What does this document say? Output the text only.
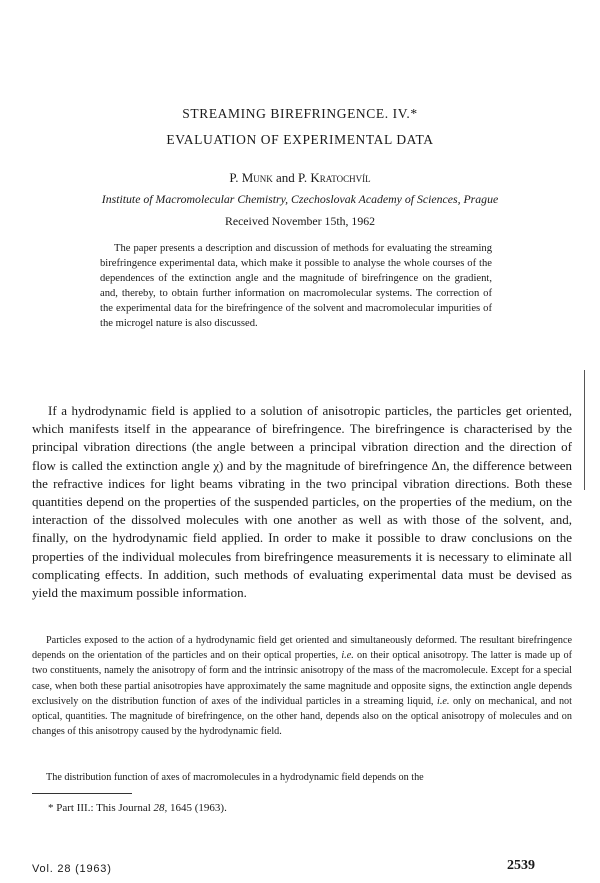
STREAMING BIREFRINGENCE. IV.*
EVALUATION OF EXPERIMENTAL DATA
P. Munk and P. Kratochvíl
Institute of Macromolecular Chemistry, Czechoslovak Academy of Sciences, Prague
Received November 15th, 1962
The paper presents a description and discussion of methods for evaluating the streaming birefringence experimental data, which make it possible to analyse the whole courses of the dependences of the extinction angle and the magnitude of birefringence on the gradient, and, thereby, to obtain further information on macromolecular systems. The correction of the experimental data for the birefringence of the solvent and macromolecular impurities of the microgel nature is also discussed.
If a hydrodynamic field is applied to a solution of anisotropic particles, the particles get oriented, which manifests itself in the appearance of birefringence. The birefringence is characterised by the principal vibration directions (the angle between a principal vibration direction and the direction of flow is called the extinction angle χ) and by the magnitude of birefringence Δn, the difference between the refractive indices for light beams vibrating in the two principal vibration directions. Both these quantities depend on the properties of the suspended particles, on the properties of the medium, on the interaction of the dissolved molecules with one another as well as with those of the solvent, and, finally, on the hydrodynamic field applied. In order to make it possible to draw conclusions on the properties of the individual molecules from birefringence measurements it is necessary to eliminate all complicating effects. In addition, such methods of evaluating experimental data must be devised as yield the maximum possible information.
Particles exposed to the action of a hydrodynamic field get oriented and simultaneously deformed. The resultant birefringence depends on the orientation of the particles and on their optical properties, i.e. on their optical anisotropy. The latter is made up of two constituents, namely the anisotropy of form and the intrinsic anisotropy of the mass of the macromolecule. Except for a special case, when both these partial anisotropies have approximately the same magnitude and opposite signs, the extinction angle depends exclusively on the distribution function of axes of the individual particles in a streaming liquid, i.e. only on mechanical, and not optical, quantities. The magnitude of birefringence, on the other hand, depends also on the optical anisotropy of molecules and on changes of this anisotropy caused by the hydrodynamic field.
The distribution function of axes of macromolecules in a hydrodynamic field depends on the
* Part III.: This Journal 28, 1645 (1963).
Vol. 28 (1963)	2539
